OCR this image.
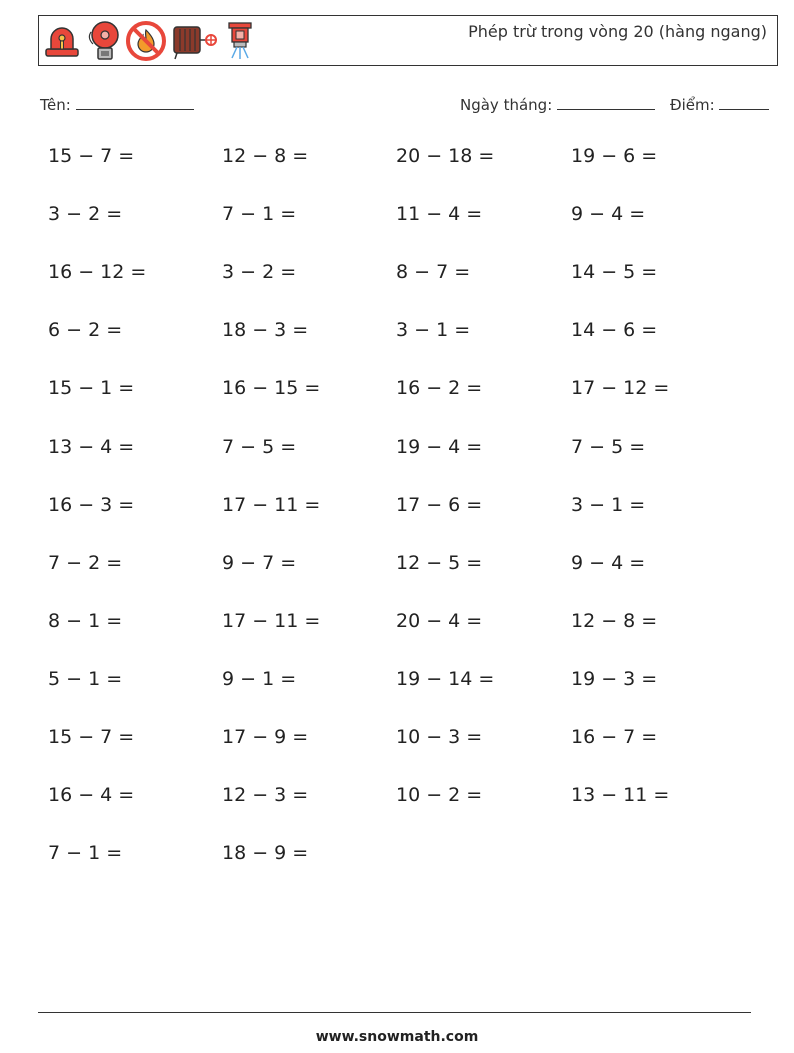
Phép trừ trong vòng 20 (hàng ngang)
Tên:	Ngày tháng:	Điểm:
15 − 7 =	12 − 8 =	20 − 18 =	19 − 6 =
3 − 2 =	7 − 1 =	11 − 4 =	9 − 4 =
16 − 12 =	3 − 2 =	8 − 7 =	14 − 5 =
6 − 2 =	18 − 3 =	3 − 1 =	14 − 6 =
15 − 1 =	16 − 15 =	16 − 2 =	17 − 12 =
13 − 4 =	7 − 5 =	19 − 4 =	7 − 5 =
16 − 3 =	17 − 11 =	17 − 6 =	3 − 1 =
7 − 2 =	9 − 7 =	12 − 5 =	9 − 4 =
8 − 1 =	17 − 11 =	20 − 4 =	12 − 8 =
5 − 1 =	9 − 1 =	19 − 14 =	19 − 3 =
15 − 7 =	17 − 9 =	10 − 3 =	16 − 7 =
16 − 4 =	12 − 3 =	10 − 2 =	13 − 11 =
7 − 1 =	18 − 9 =
www.snowmath.com
